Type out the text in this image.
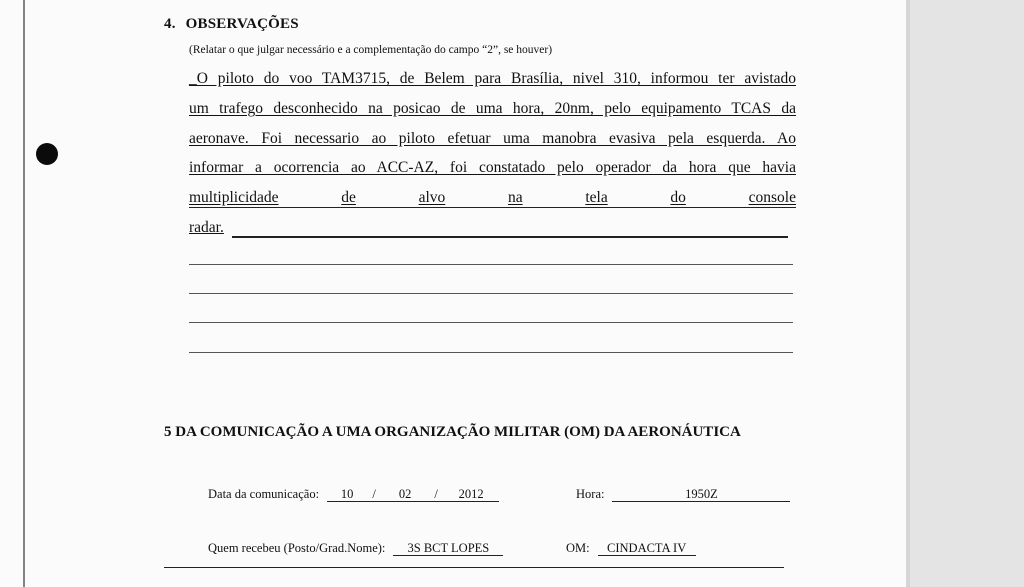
4. OBSERVAÇÕES
(Relatar o que julgar necessário e a complementação do campo “2”, se houver)
_O piloto do voo TAM3715, de Belem para Brasília, nivel 310, informou ter avistado
um trafego desconhecido na posicao de uma hora, 20nm, pelo equipamento TCAS da
aeronave. Foi necessario ao piloto efetuar uma manobra evasiva pela esquerda. Ao
informar a ocorrencia ao ACC-AZ, foi constatado pelo operador da hora que havia
multiplicidade	de	alvo	na	tela	do	console
radar.
5 DA COMUNICAÇÃO A UMA ORGANIZAÇÃO MILITAR (OM) DA AERONÁUTICA
Data da comunicação: 10 / 02 / 2012	Hora:	1950Z
Quem recebeu (Posto/Grad.Nome): 3S BCT LOPES	OM: CINDACTA IV
